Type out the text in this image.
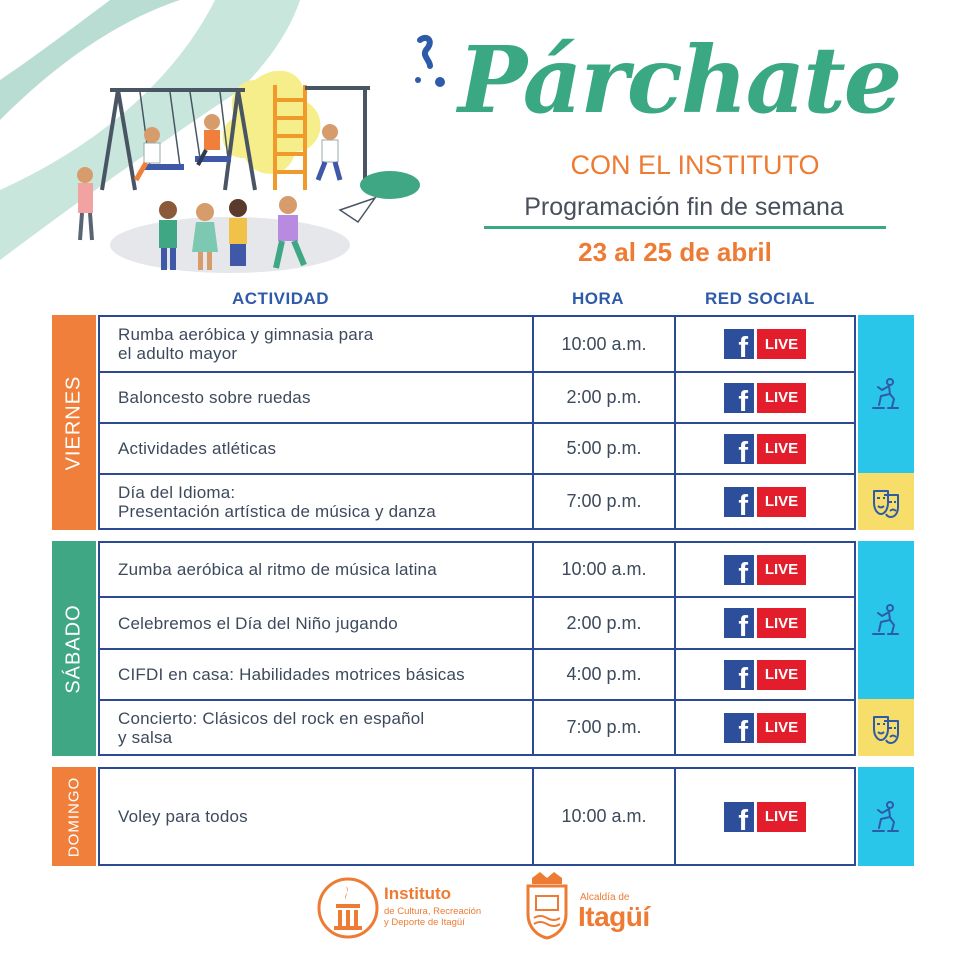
Párchate
CON EL INSTITUTO
Programación fin de semana
23 al 25 de abril
ACTIVIDAD	HORA	RED SOCIAL
VIERNES
Rumba aeróbica y gimnasia para
el adulto mayor	10:00 a.m.	f	LIVE
Baloncesto sobre ruedas	2:00 p.m.	f	LIVE
Actividades atléticas	5:00 p.m.	f	LIVE
Día del Idioma:
Presentación artística de música y danza	7:00 p.m.	f	LIVE
SÁBADO
Zumba aeróbica al ritmo de música latina	10:00 a.m.	f	LIVE
Celebremos el Día del Niño jugando	2:00 p.m.	f	LIVE
CIFDI en casa: Habilidades motrices básicas	4:00 p.m.	f	LIVE
Concierto: Clásicos del rock en español
y salsa	7:00 p.m.	f	LIVE
DOMINGO	Voley para todos	10:00 a.m.	f	LIVE
Instituto
de Cultura, Recreación
y Deporte de Itagüí
Alcaldía de
Itagüí
